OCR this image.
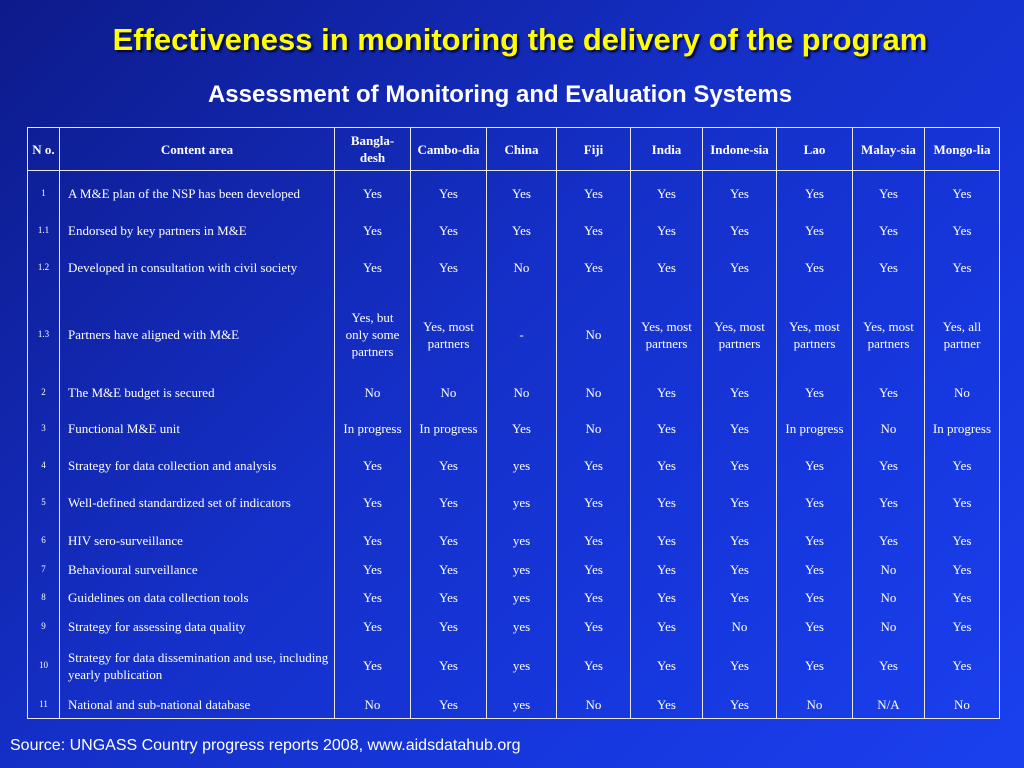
Effectiveness in monitoring the delivery of the program
Assessment of Monitoring and Evaluation Systems
N o.	Content area	Bangla-desh	Cambo-dia	China	Fiji	India	Indone-sia	Lao	Malay-sia	Mongo-lia
1	A M&E plan of the NSP has been developed	Yes	Yes	Yes	Yes	Yes	Yes	Yes	Yes	Yes
1.1	Endorsed by key partners in M&E	Yes	Yes	Yes	Yes	Yes	Yes	Yes	Yes	Yes
1.2	Developed in consultation with civil society	Yes	Yes	No	Yes	Yes	Yes	Yes	Yes	Yes
1.3	Partners have aligned with M&E	Yes, but only some partners	Yes, most partners	-	No	Yes, most partners	Yes, most partners	Yes, most partners	Yes, most partners	Yes, all partner
2	The M&E budget is secured	No	No	No	No	Yes	Yes	Yes	Yes	No
3	Functional M&E unit	In progress	In progress	Yes	No	Yes	Yes	In progress	No	In progress
4	Strategy for data collection and analysis	Yes	Yes	yes	Yes	Yes	Yes	Yes	Yes	Yes
5	Well-defined standardized set of indicators	Yes	Yes	yes	Yes	Yes	Yes	Yes	Yes	Yes
6	HIV sero-surveillance	Yes	Yes	yes	Yes	Yes	Yes	Yes	Yes	Yes
7	Behavioural surveillance	Yes	Yes	yes	Yes	Yes	Yes	Yes	No	Yes
8	Guidelines on data collection tools	Yes	Yes	yes	Yes	Yes	Yes	Yes	No	Yes
9	Strategy for assessing data quality	Yes	Yes	yes	Yes	Yes	No	Yes	No	Yes
10	Strategy for data dissemination and use, including yearly publication	Yes	Yes	yes	Yes	Yes	Yes	Yes	Yes	Yes
11	National and sub-national database	No	Yes	yes	No	Yes	Yes	No	N/A	No

Source: UNGASS Country progress reports 2008, www.aidsdatahub.org
